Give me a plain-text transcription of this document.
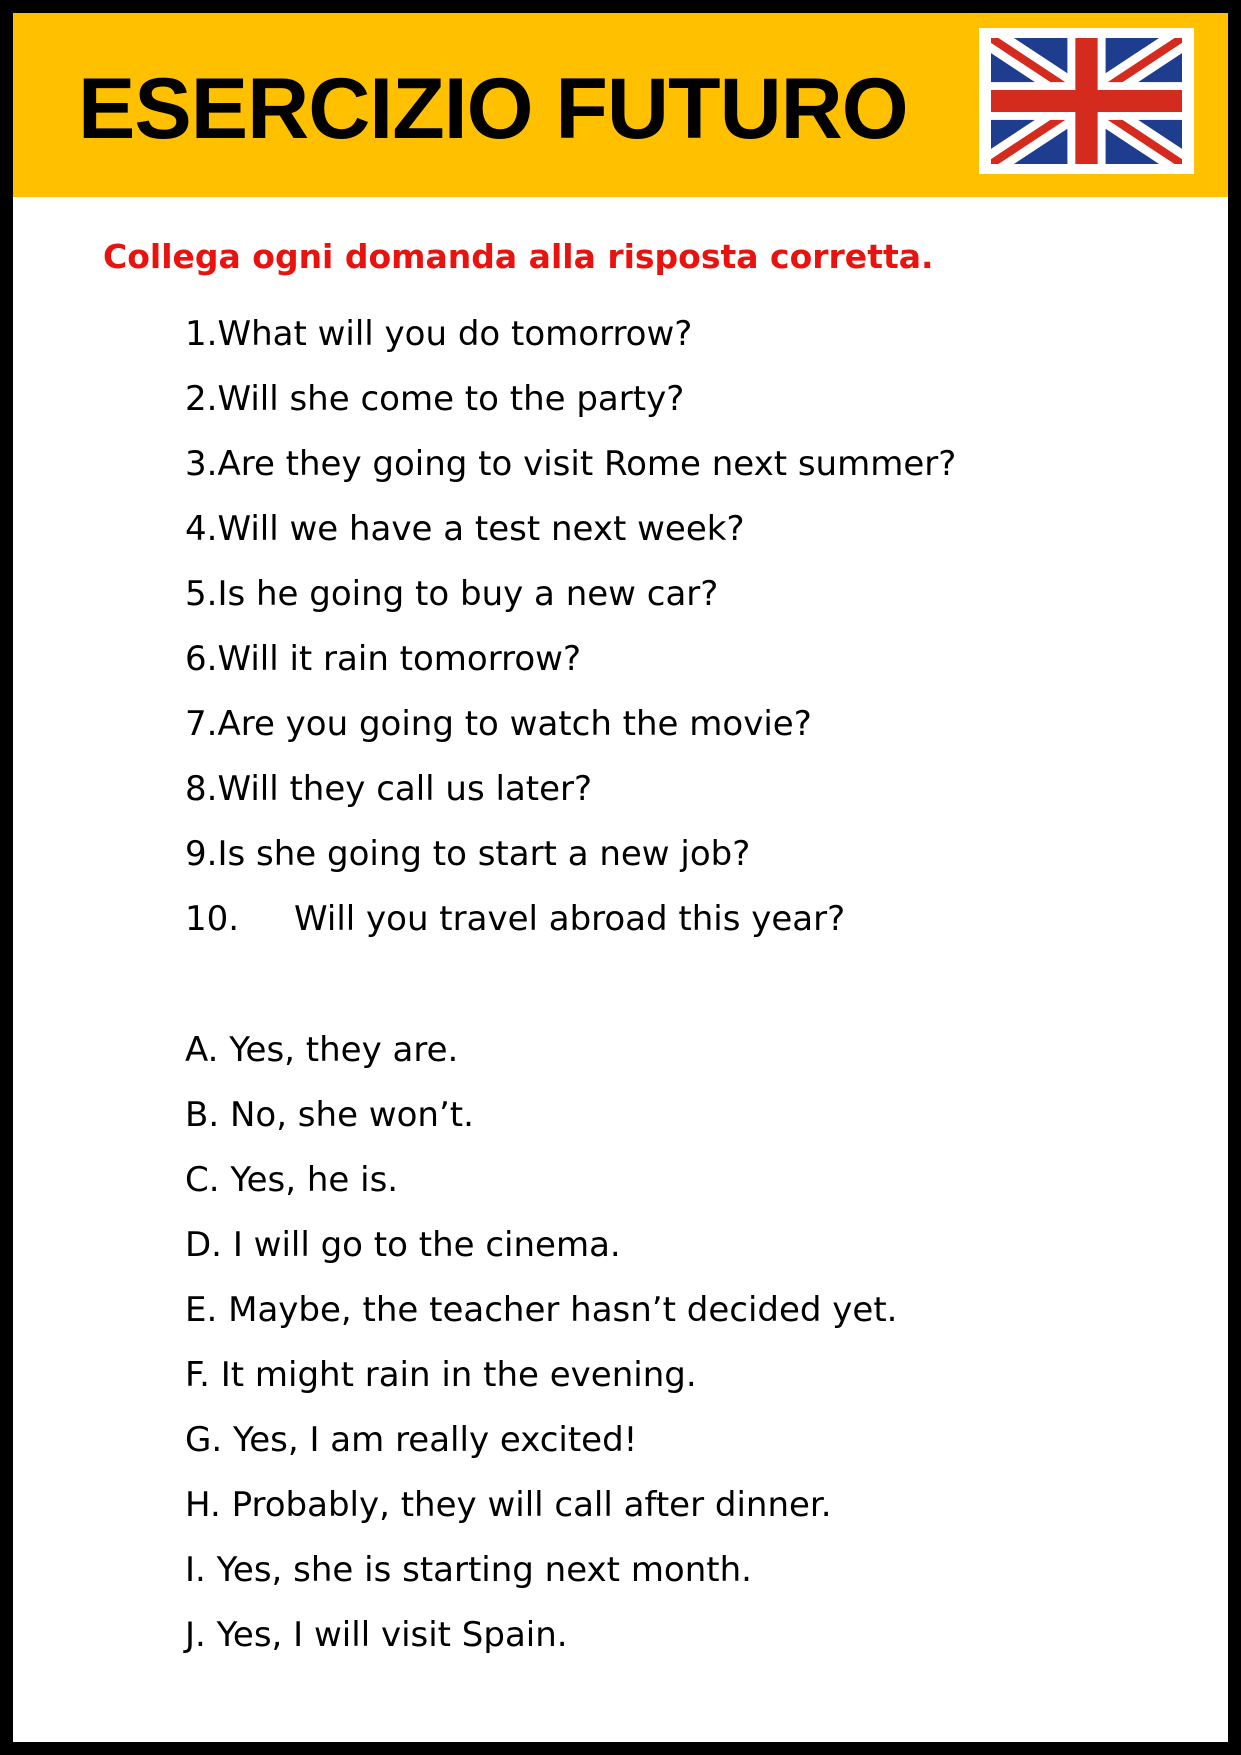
ESERCIZIO FUTURO
Collega ogni domanda alla risposta corretta.
1.What will you do tomorrow?
2.Will she come to the party?
3.Are they going to visit Rome next summer?
4.Will we have a test next week?
5.Is he going to buy a new car?
6.Will it rain tomorrow?
7.Are you going to watch the movie?
8.Will they call us later?
9.Is she going to start a new job?
10. Will you travel abroad this year?
A. Yes, they are.
B. No, she won’t.
C. Yes, he is.
D. I will go to the cinema.
E. Maybe, the teacher hasn’t decided yet.
F. It might rain in the evening.
G. Yes, I am really excited!
H. Probably, they will call after dinner.
I. Yes, she is starting next month.
J. Yes, I will visit Spain.
